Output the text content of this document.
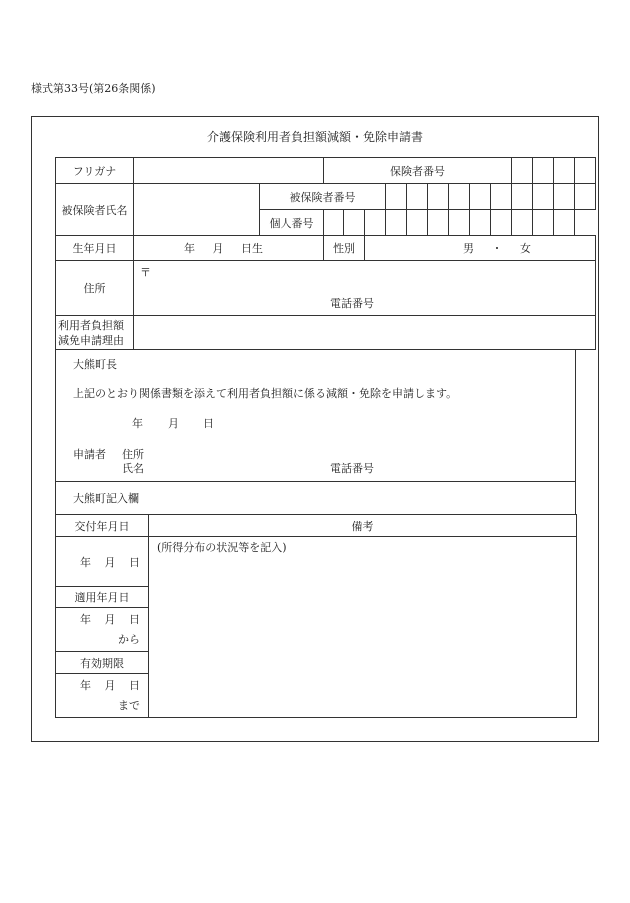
様式第33号(第26条関係)
介護保険利用者負担額減額・免除申請書
フリガナ			保険者番号												
被保険者氏名		被保険者番号													
		個人番号													
生年月日	年 月 日生		性別		男 ・ 女										
住所	〒
電話番号														

利用者負担額
減免申請理由															

大熊町長
上記のとおり関係書類を添えて利用者負担額に係る減額・免除を申請します。
年 月 日
申請者 住所
氏名	電話番号
大熊町記入欄
交付年月日	備考
年 月 日	(所得分布の状況等を記入)
適用年月日	

年 月 日
から	

有効期限	

年 月 日
まで	
